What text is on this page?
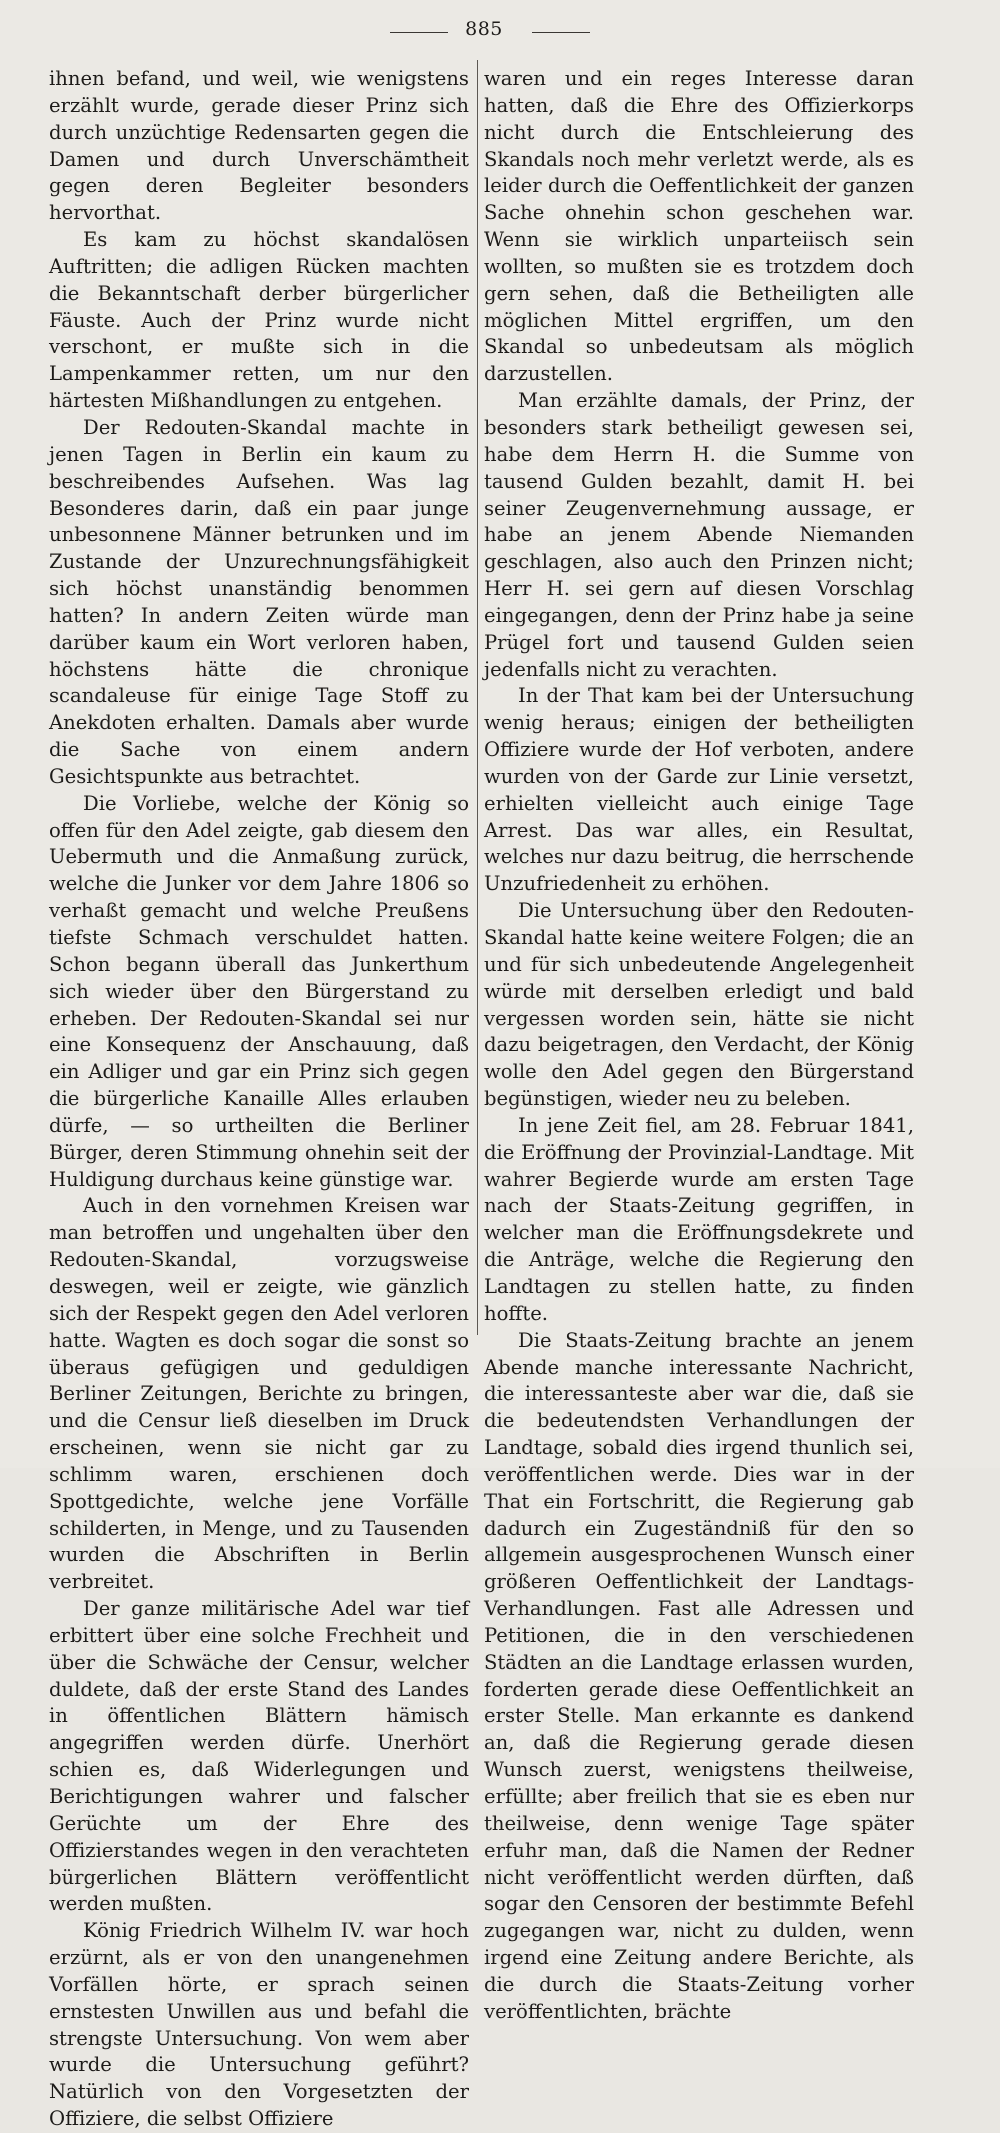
885

ihnen befand, und weil, wie wenigstens erzählt wurde, gerade dieser Prinz sich durch unzüchtige Redensarten gegen die Damen und durch Unverschämtheit gegen deren Begleiter besonders hervorthat.

Es kam zu höchst skandalösen Auftritten; die adligen Rücken machten die Bekanntschaft derber bürgerlicher Fäuste. Auch der Prinz wurde nicht verschont, er mußte sich in die Lampenkammer retten, um nur den härtesten Mißhandlungen zu entgehen.

Der Redouten-Skandal machte in jenen Tagen in Berlin ein kaum zu beschreibendes Aufsehen. Was lag Besonderes darin, daß ein paar junge unbesonnene Männer betrunken und im Zustande der Unzurechnungsfähigkeit sich höchst unanständig benommen hatten? In andern Zeiten würde man darüber kaum ein Wort verloren haben, höchstens hätte die chronique scandaleuse für einige Tage Stoff zu Anekdoten erhalten. Damals aber wurde die Sache von einem andern Gesichtspunkte aus betrachtet.

Die Vorliebe, welche der König so offen für den Adel zeigte, gab diesem den Uebermuth und die Anmaßung zurück, welche die Junker vor dem Jahre 1806 so verhaßt gemacht und welche Preußens tiefste Schmach verschuldet hatten. Schon begann überall das Junkerthum sich wieder über den Bürgerstand zu erheben. Der Redouten-Skandal sei nur eine Konsequenz der Anschauung, daß ein Adliger und gar ein Prinz sich gegen die bürgerliche Kanaille Alles erlauben dürfe, — so urtheilten die Berliner Bürger, deren Stimmung ohnehin seit der Huldigung durchaus keine günstige war.

Auch in den vornehmen Kreisen war man betroffen und ungehalten über den Redouten-Skandal, vorzugsweise deswegen, weil er zeigte, wie gänzlich sich der Respekt gegen den Adel verloren hatte. Wagten es doch sogar die sonst so überaus gefügigen und geduldigen Berliner Zeitungen, Berichte zu bringen, und die Censur ließ dieselben im Druck erscheinen, wenn sie nicht gar zu schlimm waren, erschienen doch Spottgedichte, welche jene Vorfälle schilderten, in Menge, und zu Tausenden wurden die Abschriften in Berlin verbreitet.

Der ganze militärische Adel war tief erbittert über eine solche Frechheit und über die Schwäche der Censur, welcher duldete, daß der erste Stand des Landes in öffentlichen Blättern hämisch angegriffen werden dürfe. Unerhört schien es, daß Widerlegungen und Berichtigungen wahrer und falscher Gerüchte um der Ehre des Offizierstandes wegen in den verachteten bürgerlichen Blättern veröffentlicht werden mußten.

König Friedrich Wilhelm IV. war hoch erzürnt, als er von den unangenehmen Vorfällen hörte, er sprach seinen ernstesten Unwillen aus und befahl die strengste Untersuchung. Von wem aber wurde die Untersuchung geführt? Natürlich von den Vorgesetzten der Offiziere, die selbst Offiziere

waren und ein reges Interesse daran hatten, daß die Ehre des Offizierkorps nicht durch die Entschleierung des Skandals noch mehr verletzt werde, als es leider durch die Oeffentlichkeit der ganzen Sache ohnehin schon geschehen war. Wenn sie wirklich unparteiisch sein wollten, so mußten sie es trotzdem doch gern sehen, daß die Betheiligten alle möglichen Mittel ergriffen, um den Skandal so unbedeutsam als möglich darzustellen.

Man erzählte damals, der Prinz, der besonders stark betheiligt gewesen sei, habe dem Herrn H. die Summe von tausend Gulden bezahlt, damit H. bei seiner Zeugenvernehmung aussage, er habe an jenem Abende Niemanden geschlagen, also auch den Prinzen nicht; Herr H. sei gern auf diesen Vorschlag eingegangen, denn der Prinz habe ja seine Prügel fort und tausend Gulden seien jedenfalls nicht zu verachten.

In der That kam bei der Untersuchung wenig heraus; einigen der betheiligten Offiziere wurde der Hof verboten, andere wurden von der Garde zur Linie versetzt, erhielten vielleicht auch einige Tage Arrest. Das war alles, ein Resultat, welches nur dazu beitrug, die herrschende Unzufriedenheit zu erhöhen.

Die Untersuchung über den Redouten-Skandal hatte keine weitere Folgen; die an und für sich unbedeutende Angelegenheit würde mit derselben erledigt und bald vergessen worden sein, hätte sie nicht dazu beigetragen, den Verdacht, der König wolle den Adel gegen den Bürgerstand begünstigen, wieder neu zu beleben.

In jene Zeit fiel, am 28. Februar 1841, die Eröffnung der Provinzial-Landtage. Mit wahrer Begierde wurde am ersten Tage nach der Staats-Zeitung gegriffen, in welcher man die Eröffnungsdekrete und die Anträge, welche die Regierung den Landtagen zu stellen hatte, zu finden hoffte.

Die Staats-Zeitung brachte an jenem Abende manche interessante Nachricht, die interessanteste aber war die, daß sie die bedeutendsten Verhandlungen der Landtage, sobald dies irgend thunlich sei, veröffentlichen werde. Dies war in der That ein Fortschritt, die Regierung gab dadurch ein Zugeständniß für den so allgemein ausgesprochenen Wunsch einer größeren Oeffentlichkeit der Landtags-Verhandlungen. Fast alle Adressen und Petitionen, die in den verschiedenen Städten an die Landtage erlassen wurden, forderten gerade diese Oeffentlichkeit an erster Stelle. Man erkannte es dankend an, daß die Regierung gerade diesen Wunsch zuerst, wenigstens theilweise, erfüllte; aber freilich that sie es eben nur theilweise, denn wenige Tage später erfuhr man, daß die Namen der Redner nicht veröffentlicht werden dürften, daß sogar den Censoren der bestimmte Befehl zugegangen war, nicht zu dulden, wenn irgend eine Zeitung andere Berichte, als die durch die Staats-Zeitung vorher veröffentlichten, brächte
